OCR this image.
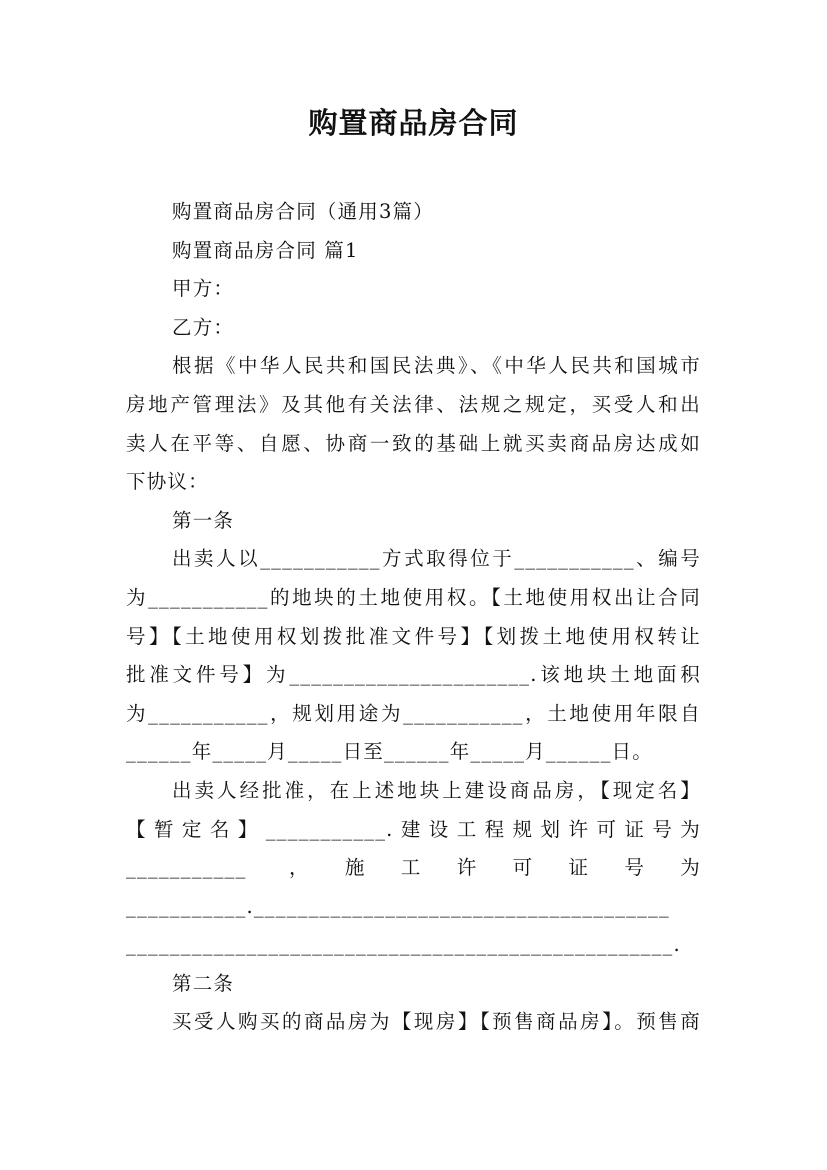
购置商品房合同
购置商品房合同（通用3篇）
购置商品房合同 篇1
甲方：
乙方：
根据《中华人民共和国民法典》、《中华人民共和国城市
房地产管理法》及其他有关法律、法规之规定，买受人和出
卖人在平等、自愿、协商一致的基础上就买卖商品房达成如
下协议：
第一条
出卖人以___________方式取得位于___________、编号
为___________的地块的土地使用权。【土地使用权出让合同
号】【土地使用权划拨批准文件号】【划拨土地使用权转让
批准文件号】为______________________.该地块土地面积
为___________，规划用途为___________，土地使用年限自
______年_____月_____日至______年_____月______日。
出卖人经批准，在上述地块上建设商品房，【现定名】
【暂定名】___________.建设工程规划许可证号为
___________ ，施工许可证号为
___________.______________________________________
__________________________________________________.
第二条
买受人购买的商品房为【现房】【预售商品房】。预售商
